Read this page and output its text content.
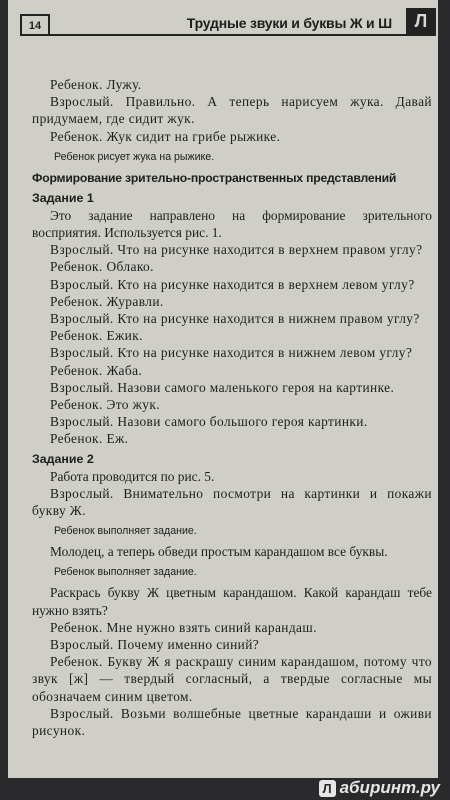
14	Трудные звуки и буквы Ж и Ш	Л

Ребенок. Лужу.

Взрослый. Правильно. А теперь нарисуем жука. Давай придумаем, где сидит жук.

Ребенок. Жук сидит на грибе рыжике.

Ребенок рисует жука на рыжике.

Формирование зрительно-пространственных представлений

Задание 1

Это задание направлено на формирование зрительного восприятия. Используется рис. 1.

Взрослый. Что на рисунке находится в верхнем правом углу?

Ребенок. Облако.

Взрослый. Кто на рисунке находится в верхнем левом углу?

Ребенок. Журавли.

Взрослый. Кто на рисунке находится в нижнем правом углу?

Ребенок. Ежик.

Взрослый. Кто на рисунке находится в нижнем левом углу?

Ребенок. Жаба.

Взрослый. Назови самого маленького героя на картинке.

Ребенок. Это жук.

Взрослый. Назови самого большого героя картинки.

Ребенок. Еж.

Задание 2

Работа проводится по рис. 5.

Взрослый. Внимательно посмотри на картинки и покажи букву Ж.

Ребенок выполняет задание.

Молодец, а теперь обведи простым карандашом все буквы.

Ребенок выполняет задание.

Раскрась букву Ж цветным карандашом. Какой карандаш тебе нужно взять?

Ребенок. Мне нужно взять синий карандаш.

Взрослый. Почему именно синий?

Ребенок. Букву Ж я раскрашу синим карандашом, потому что звук [ж] — твердый согласный, а твердые согласные мы обозначаем синим цветом.

Взрослый. Возьми волшебные цветные карандаши и оживи рисунок.

Л абиринт.ру
